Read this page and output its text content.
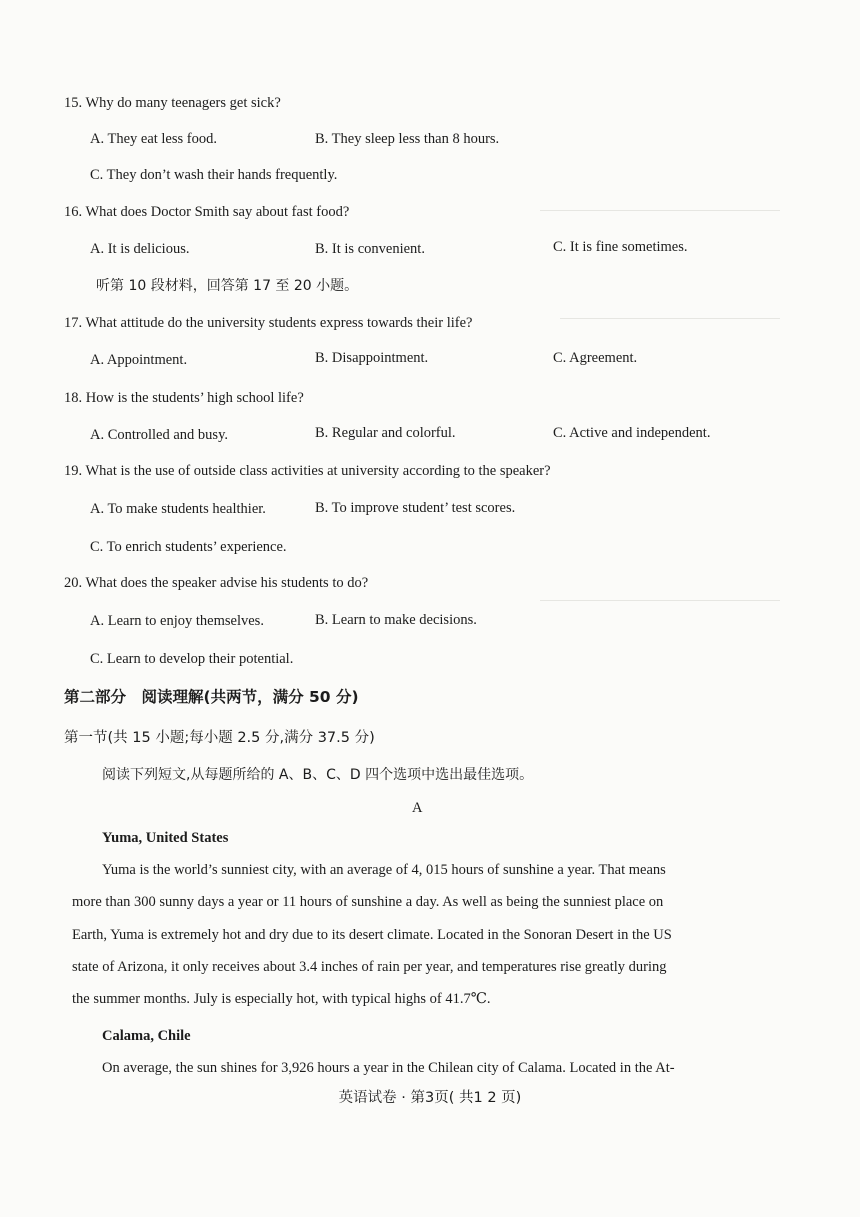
15. Why do many teenagers get sick?
A. They eat less food.	B. They sleep less than 8 hours.
C. They don’t wash their hands frequently.
16. What does Doctor Smith say about fast food?
A. It is delicious.	B. It is convenient.	C. It is fine sometimes.
听第 10 段材料，回答第 17 至 20 小题。
17. What attitude do the university students express towards their life?
A. Appointment.	B. Disappointment.	C. Agreement.
18. How is the students’ high school life?
A. Controlled and busy.	B. Regular and colorful.	C. Active and independent.
19. What is the use of outside class activities at university according to the speaker?
A. To make students healthier.	B. To improve student’ test scores.
C. To enrich students’ experience.
20. What does the speaker advise his students to do?
A. Learn to enjoy themselves.	B. Learn to make decisions.
C. Learn to develop their potential.
第二部分　阅读理解(共两节，满分 50 分)
第一节(共 15 小题;每小题 2.5 分,满分 37.5 分)
阅读下列短文,从每题所给的 A、B、C、D 四个选项中选出最佳选项。
A
Yuma, United States
Yuma is the world’s sunniest city, with an average of 4, 015 hours of sunshine a year. That means
more than 300 sunny days a year or 11 hours of sunshine a day. As well as being the sunniest place on
Earth, Yuma is extremely hot and dry due to its desert climate. Located in the Sonoran Desert in the US
state of Arizona, it only receives about 3.4 inches of rain per year, and temperatures rise greatly during
the summer months. July is especially hot, with typical highs of 41.7℃.
Calama, Chile
On average, the sun shines for 3,926 hours a year in the Chilean city of Calama. Located in the At-
英语试卷 · 第3页( 共1 2 页)
